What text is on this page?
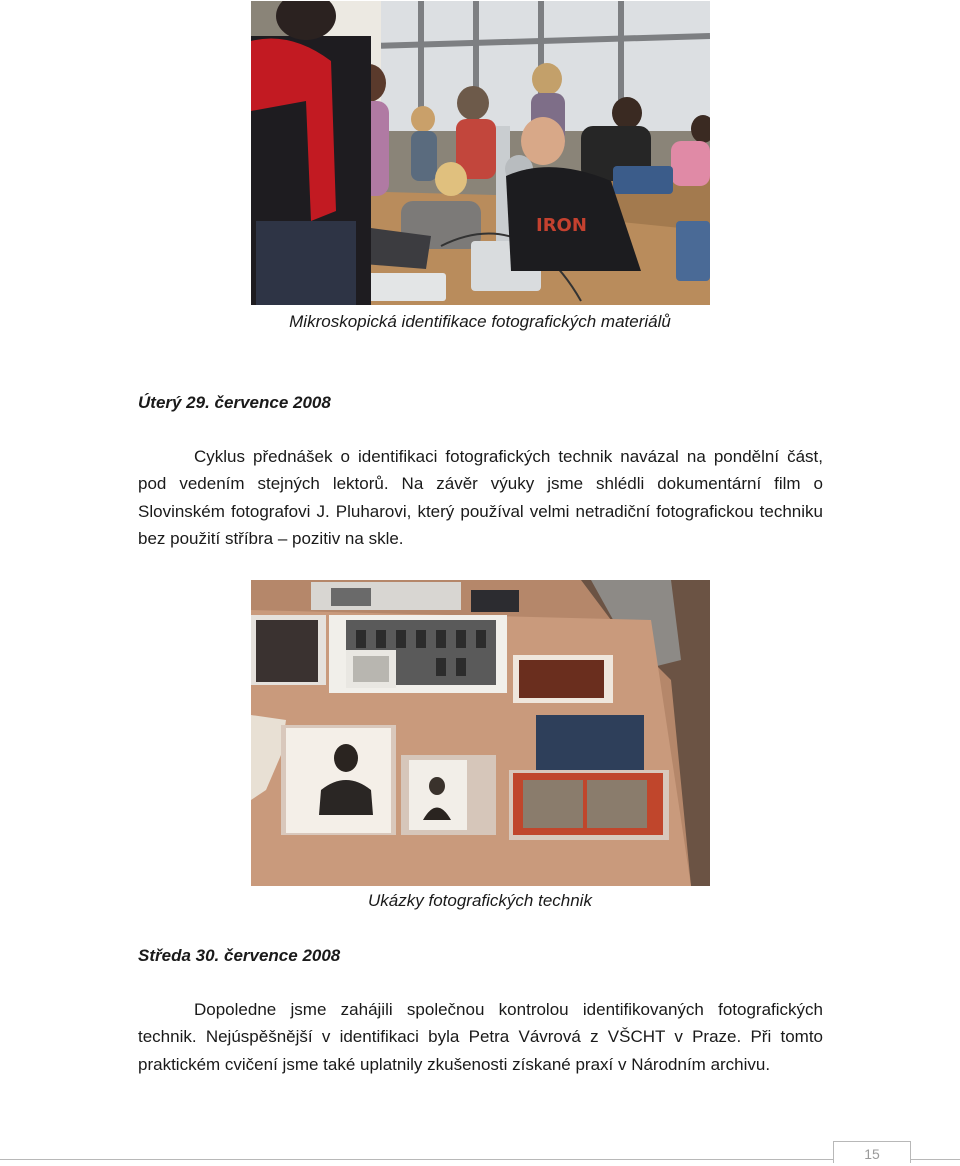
IRON
Mikroskopická identifikace fotografických materiálů
Úterý 29. července 2008

Cyklus přednášek o identifikaci fotografických technik navázal na pondělní část, pod vedením stejných lektorů. Na závěr výuky jsme shlédli dokumentární film o Slovinském fotografovi J. Pluharovi, který používal velmi netradiční fotografickou techniku bez použití stříbra – pozitiv na skle.

Ukázky fotografických technik
Středa 30. července 2008

Dopoledne jsme zahájili společnou kontrolou identifikovaných fotografických technik. Nejúspěšnější v identifikaci byla Petra Vávrová z VŠCHT v Praze. Při tomto praktickém cvičení jsme také uplatnily zkušenosti získané praxí v Národním archivu.

15
